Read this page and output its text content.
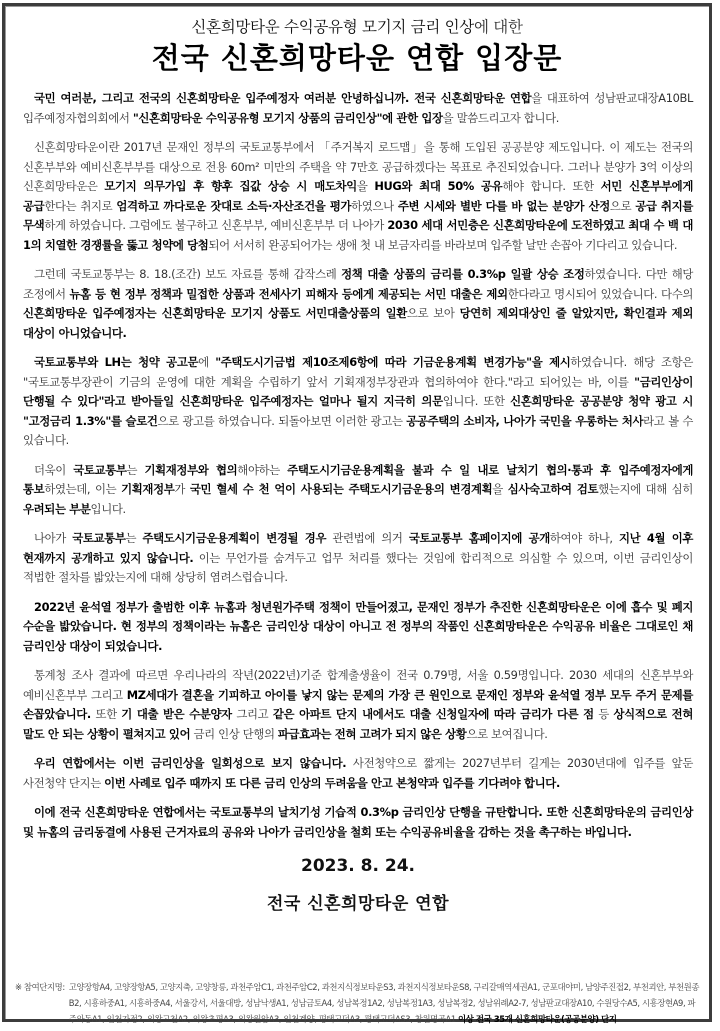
신혼희망타운 수익공유형 모기지 금리 인상에 대한
전국 신혼희망타운 연합 입장문

국민 여러분, 그리고 전국의 신혼희망타운 입주예정자 여러분 안녕하십니까. 전국 신혼희망타운 연합을 대표하여 성남판교대장A10BL 입주예정자협의회에서 "신혼희망타운 수익공유형 모기지 상품의 금리인상"에 관한 입장을 말씀드리고자 합니다.

신혼희망타운이란 2017년 문재인 정부의 국토교통부에서 「주거복지 로드맵」을 통해 도입된 공공분양 제도입니다. 이 제도는 전국의 신혼부부와 예비신혼부부를 대상으로 전용 60m² 미만의 주택을 약 7만호 공급하겠다는 목표로 추진되었습니다. 그러나 분양가 3억 이상의 신혼희망타운은 모기지 의무가입 후 향후 집값 상승 시 매도차익을 HUG와 최대 50% 공유해야 합니다. 또한 서민 신혼부부에게 공급한다는 취지로 엄격하고 까다로운 잣대로 소득·자산조건을 평가하였으나 주변 시세와 별반 다를 바 없는 분양가 산정으로 공급 취지를 무색하게 하였습니다. 그럼에도 불구하고 신혼부부, 예비신혼부부 더 나아가 2030 세대 서민층은 신혼희망타운에 도전하였고 최대 수 백 대 1의 치열한 경쟁률을 뚫고 청약에 당첨되어 서서히 완공되어가는 생애 첫 내 보금자리를 바라보며 입주할 날만 손꼽아 기다리고 있습니다.

그런데 국토교통부는 8. 18.(조간) 보도 자료를 통해 갑작스레 정책 대출 상품의 금리를 0.3%p 일괄 상승 조정하였습니다. 다만 해당 조정에서 뉴홈 등 현 정부 정책과 밀접한 상품과 전세사기 피해자 등에게 제공되는 서민 대출은 제외한다라고 명시되어 있었습니다. 다수의 신혼희망타운 입주예정자는 신혼희망타운 모기지 상품도 서민대출상품의 일환으로 보아 당연히 제외대상인 줄 알았지만, 확인결과 제외 대상이 아니었습니다.

국토교통부와 LH는 청약 공고문에 "주택도시기금법 제10조제6항에 따라 기금운용계획 변경가능"을 제시하였습니다. 해당 조항은 "국토교통부장관이 기금의 운영에 대한 계획을 수립하기 앞서 기획재정부장관과 협의하여야 한다."라고 되어있는 바, 이를 "금리인상이 단행될 수 있다"라고 받아들일 신혼희망타운 입주예정자는 얼마나 될지 지극히 의문입니다. 또한 신혼희망타운 공공분양 청약 광고 시 "고정금리 1.3%"를 슬로건으로 광고를 하였습니다. 되돌아보면 이러한 광고는 공공주택의 소비자, 나아가 국민을 우롱하는 처사라고 볼 수 있습니다.

더욱이 국토교통부는 기획재정부와 협의해야하는 주택도시기금운용계획을 불과 수 일 내로 날치기 협의·통과 후 입주예정자에게 통보하였는데, 이는 기획재정부가 국민 혈세 수 천 억이 사용되는 주택도시기금운용의 변경계획을 심사숙고하여 검토했는지에 대해 심히 우려되는 부분입니다.

나아가 국토교통부는 주택도시기금운용계획이 변경될 경우 관련법에 의거 국토교통부 홈페이지에 공개하여야 하나, 지난 4월 이후 현재까지 공개하고 있지 않습니다. 이는 무언가를 숨겨두고 업무 처리를 했다는 것임에 합리적으로 의심할 수 있으며, 이번 금리인상이 적법한 절차를 밟았는지에 대해 상당히 염려스럽습니다.

2022년 윤석열 정부가 출범한 이후 뉴홈과 청년원가주택 정책이 만들어졌고, 문재인 정부가 추진한 신혼희망타운은 이에 흡수 및 폐지 수순을 밟았습니다. 현 정부의 정책이라는 뉴홈은 금리인상 대상이 아니고 전 정부의 작품인 신혼희망타운은 수익공유 비율은 그대로인 채 금리인상 대상이 되었습니다.

통계청 조사 결과에 따르면 우리나라의 작년(2022년)기준 합계출생율이 전국 0.79명, 서울 0.59명입니다. 2030 세대의 신혼부부와 예비신혼부부 그리고 MZ세대가 결혼을 기피하고 아이를 낳지 않는 문제의 가장 큰 원인으로 문재인 정부와 윤석열 정부 모두 주거 문제를 손꼽았습니다. 또한 기 대출 받은 수분양자 그리고 같은 아파트 단지 내에서도 대출 신청일자에 따라 금리가 다른 점 등 상식적으로 전혀 말도 안 되는 상황이 펼쳐지고 있어 금리 인상 단행의 파급효과는 전혀 고려가 되지 않은 상황으로 보여집니다.

우리 연합에서는 이번 금리인상을 일회성으로 보지 않습니다. 사전청약으로 짧게는 2027년부터 길게는 2030년대에 입주를 앞둔 사전청약 단지는 이번 사례로 입주 때까지 또 다른 금리 인상의 두려움을 안고 본청약과 입주를 기다려야 합니다.

이에 전국 신혼희망타운 연합에서는 국토교통부의 날치기성 기습적 0.3%p 금리인상 단행을 규탄합니다. 또한 신혼희망타운의 금리인상 및 뉴홈의 금리동결에 사용된 근거자료의 공유와 나아가 금리인상을 철회 또는 수익공유비율을 감하는 것을 촉구하는 바입니다.

2023. 8. 24.
전국 신혼희망타운 연합
※ 참여단지명: 고양장항A4, 고양장항A5, 고양지축, 고양창릉, 과천주암C1, 과천주암C2, 과천지식정보타운S3, 과천지식정보타운S8, 구리갈매역세권A1, 군포대야미, 남양주진접2, 부천괴안, 부천원종B2, 시흥하중A1, 시흥하중A4, 서울강서, 서울대방, 성남낙생A1, 성남금토A4, 성남복정1A2, 성남복정1A3, 성남복정2, 성남위례A2-7, 성남판교대장A10, 수원당수A5, 시흥장현A9, 파주와동A1, 인천가정2, 의왕고천A2, 의왕초평A3, 의왕월암A3, 인천계양, 평택고덕A3, 평택고덕AS3, 창원명곡A1 이상 전국 35개 신혼희망타운(공공분양) 단지
